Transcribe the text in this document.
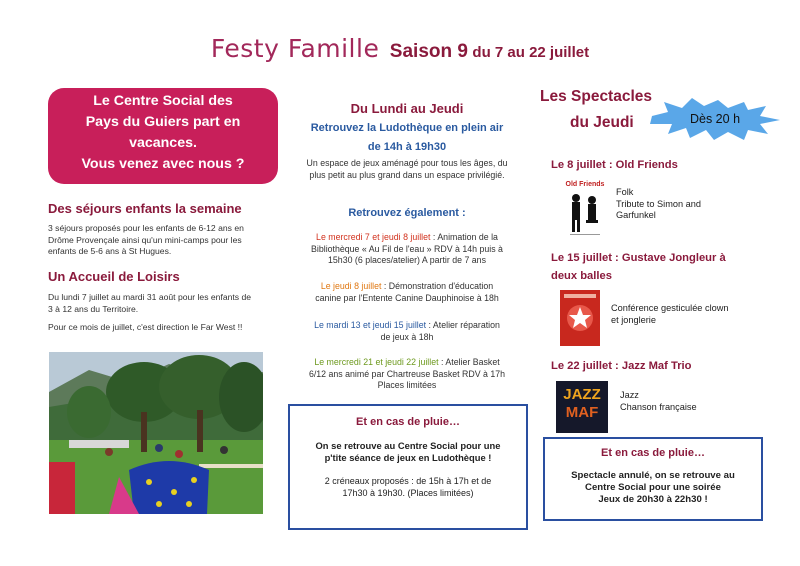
Festy Famille Saison 9 du 7 au 22 juillet
Le Centre Social des
Pays du Guiers part en
vacances.
Vous venez avec nous ?
Des séjours enfants la semaine
3 séjours proposés pour les enfants de 6-12 ans en
Drôme Provençale ainsi qu'un mini-camps pour les
enfants de 5-6 ans à St Hugues.
Un Accueil de Loisirs
Du lundi 7 juillet au mardi 31 août pour les enfants de
3 à 12 ans du Territoire.
Pour ce mois de juillet, c'est direction le Far West !!
Du Lundi au Jeudi
Retrouvez la Ludothèque en plein air
de 14h à 19h30
Un espace de jeux aménagé pour tous les âges, du
plus petit au plus grand dans un espace privilégié.
Retrouvez également :
Le mercredi 7 et jeudi 8 juillet : Animation de la
Bibliothèque « Au Fil de l'eau » RDV à 14h puis à
15h30 (6 places/atelier) A partir de 7 ans
Le jeudi 8 juillet : Démonstration d'éducation
canine par l'Entente Canine Dauphinoise à 18h
Le mardi 13 et jeudi 15 juillet : Atelier réparation
de jeux à 18h
Le mercredi 21 et jeudi 22 juillet : Atelier Basket
6/12 ans animé par Chartreuse Basket RDV à 17h
Places limitées
Et en cas de pluie…
On se retrouve au Centre Social pour une
p'tite séance de jeux en Ludothèque !
2 créneaux proposés : de 15h à 17h et de
17h30 à 19h30. (Places limitées)
Les Spectacles
du Jeudi	Dès 20 h
Le 8 juillet : Old Friends
Old Friends
Folk
Tribute to Simon and
Garfunkel
Le 15 juillet : Gustave Jongleur à
deux balles
Conférence gesticulée clown
et jonglerie
Le 22 juillet : Jazz Maf Trio
JAZZ
MAF
Jazz
Chanson française
Et en cas de pluie…
Spectacle annulé, on se retrouve au
Centre Social pour une soirée
Jeux de 20h30 à 22h30 !
